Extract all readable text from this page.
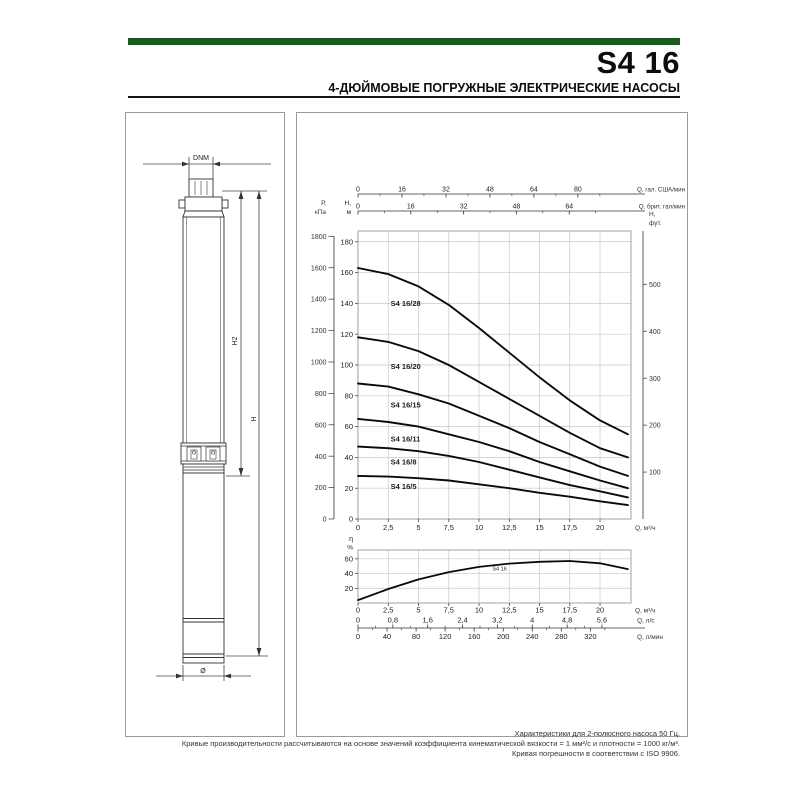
S4 16
4-ДЮЙМОВЫЕ ПОГРУЖНЫЕ ЭЛЕКТРИЧЕСКИЕ НАСОСЫ
DNM
H2
H
Ø
0
20
40
60
80
100
120
140
160
180
Н,
м
0
200
400
600
800
1000
1200
1400
1600
1800
Р,
кПа
100
200
300
400
500
Н,
фут.
0	16	32	48	64	80	Q, гал. США/мин
0	16	32	48	64	Q, брит. гал/мин
0	2,5	5	7,5	10	12,5	15	17,5	20	Q, м³/ч
S4 16/28
S4 16/20
S4 16/15
S4 16/11
S4 16/8
S4 16/5
20
40
60
η
%
S4 16
0	2,5	5	7,5	10	12,5	15	17,5	20	Q, м³/ч
0	0,8	1,6	2,4	3,2	4	4,8	5,6	Q, л/с
0	40	80 120 160 200 240 280 320	Q, л/мин
Характеристики для 2-полюсного насоса 50 Гц.
Кривые производительности рассчитываются на основе значений коэффициента кинематической вязкости = 1 мм²/с и плотности = 1000 кг/м³.
Кривая погрешности в соответствии с ISO 9906.
